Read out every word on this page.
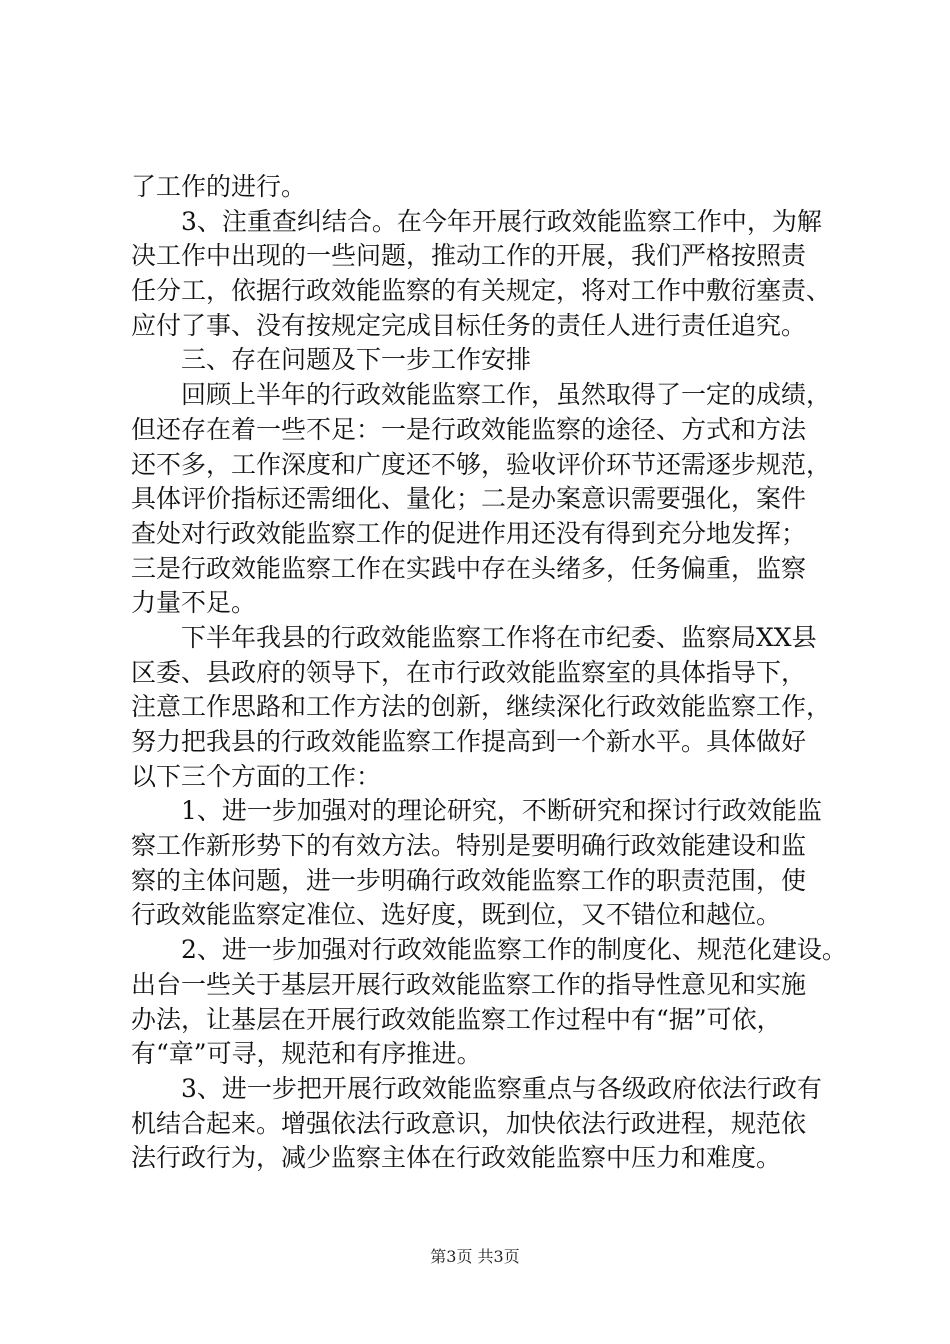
了工作的进行。
　　3、注重查纠结合。在今年开展行政效能监察工作中，为解
决工作中出现的一些问题，推动工作的开展，我们严格按照责
任分工，依据行政效能监察的有关规定，将对工作中敷衍塞责、
应付了事、没有按规定完成目标任务的责任人进行责任追究。
　　三、存在问题及下一步工作安排
　　回顾上半年的行政效能监察工作，虽然取得了一定的成绩，
但还存在着一些不足：一是行政效能监察的途径、方式和方法
还不多，工作深度和广度还不够，验收评价环节还需逐步规范，
具体评价指标还需细化、量化；二是办案意识需要强化，案件
查处对行政效能监察工作的促进作用还没有得到充分地发挥；
三是行政效能监察工作在实践中存在头绪多，任务偏重，监察
力量不足。
　　下半年我县的行政效能监察工作将在市纪委、监察局XX县
区委、县政府的领导下，在市行政效能监察室的具体指导下，
注意工作思路和工作方法的创新，继续深化行政效能监察工作，
努力把我县的行政效能监察工作提高到一个新水平。具体做好
以下三个方面的工作：
　　1、进一步加强对的理论研究，不断研究和探讨行政效能监
察工作新形势下的有效方法。特别是要明确行政效能建设和监
察的主体问题，进一步明确行政效能监察工作的职责范围，使
行政效能监察定准位、选好度，既到位，又不错位和越位。
　　2、进一步加强对行政效能监察工作的制度化、规范化建设。
出台一些关于基层开展行政效能监察工作的指导性意见和实施
办法，让基层在开展行政效能监察工作过程中有“据”可依，
有“章”可寻，规范和有序推进。
　　3、进一步把开展行政效能监察重点与各级政府依法行政有
机结合起来。增强依法行政意识，加快依法行政进程，规范依
法行政行为，减少监察主体在行政效能监察中压力和难度。
第3页 共3页
